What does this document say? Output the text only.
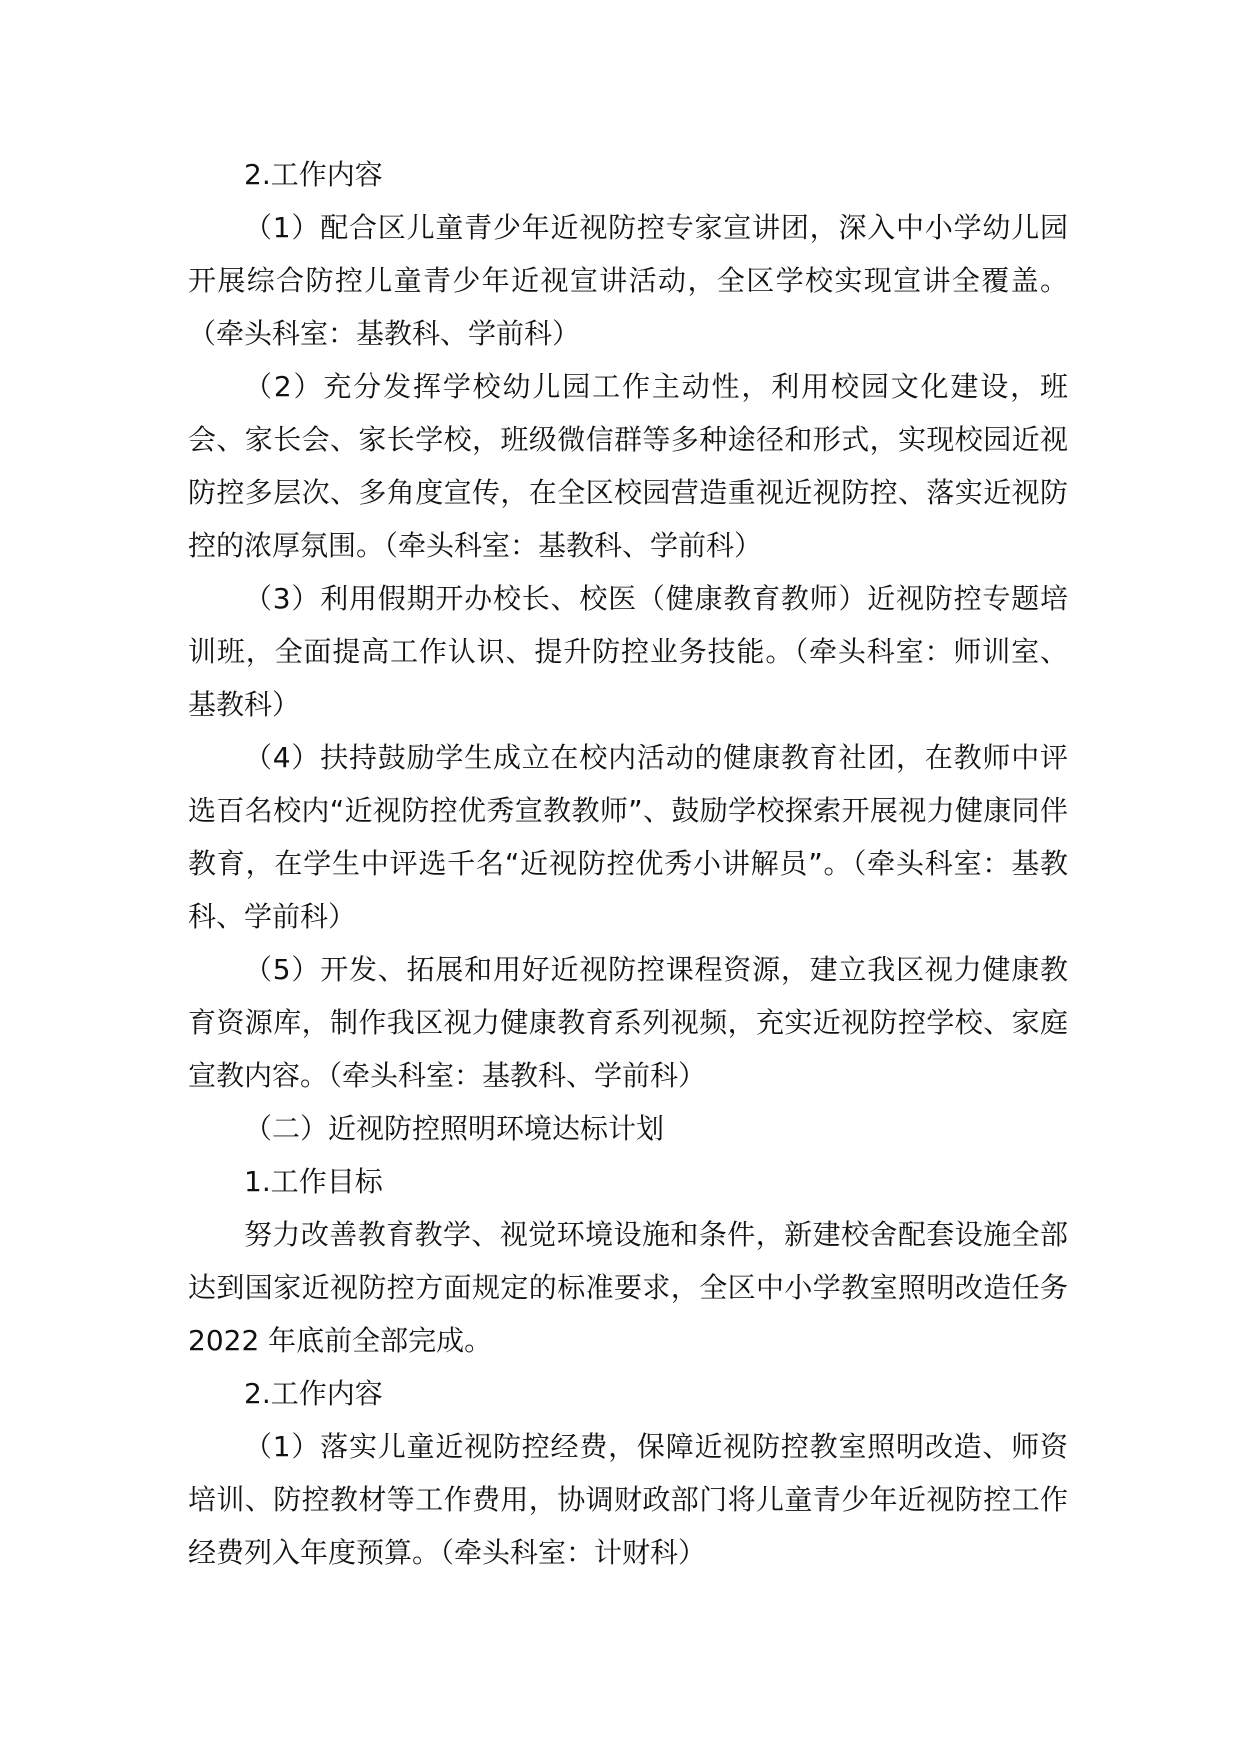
2.工作内容

（1）配合区儿童青少年近视防控专家宣讲团，深入中小学幼儿园开展综合防控儿童青少年近视宣讲活动，全区学校实现宣讲全覆盖。（牵头科室：基教科、学前科）

（2）充分发挥学校幼儿园工作主动性，利用校园文化建设，班会、家长会、家长学校，班级微信群等多种途径和形式，实现校园近视防控多层次、多角度宣传，在全区校园营造重视近视防控、落实近视防控的浓厚氛围。（牵头科室：基教科、学前科）

（3）利用假期开办校长、校医（健康教育教师）近视防控专题培训班，全面提高工作认识、提升防控业务技能。（牵头科室：师训室、基教科）

（4）扶持鼓励学生成立在校内活动的健康教育社团，在教师中评选百名校内“近视防控优秀宣教教师”、鼓励学校探索开展视力健康同伴教育，在学生中评选千名“近视防控优秀小讲解员”。（牵头科室：基教科、学前科）

（5）开发、拓展和用好近视防控课程资源，建立我区视力健康教育资源库，制作我区视力健康教育系列视频，充实近视防控学校、家庭宣教内容。（牵头科室：基教科、学前科）

（二）近视防控照明环境达标计划

1.工作目标

努力改善教育教学、视觉环境设施和条件，新建校舍配套设施全部达到国家近视防控方面规定的标准要求，全区中小学教室照明改造任务 2022 年底前全部完成。

2.工作内容

（1）落实儿童近视防控经费，保障近视防控教室照明改造、师资培训、防控教材等工作费用，协调财政部门将儿童青少年近视防控工作经费列入年度预算。（牵头科室：计财科）
